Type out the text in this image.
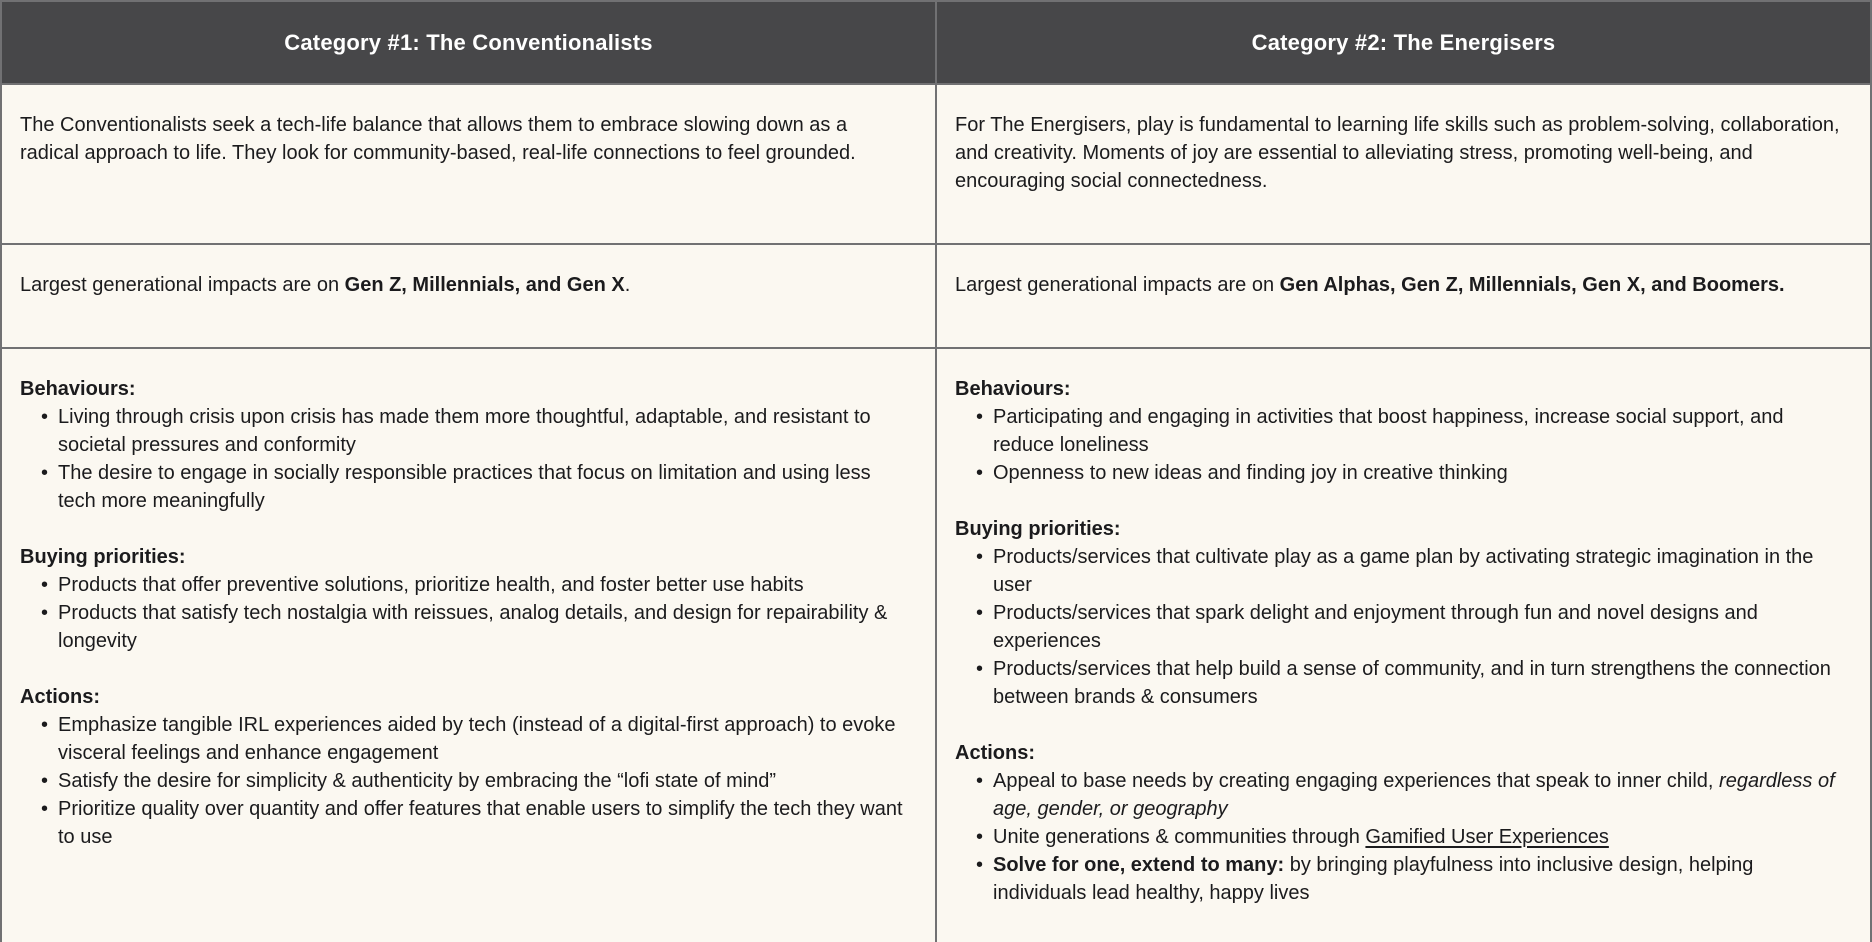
Category #1: The Conventionalists	Category #2: The Energisers

The Conventionalists seek a tech-life balance that allows them to embrace slowing down as a radical approach to life. They look for community-based, real-life connections to feel grounded.

For The Energisers, play is fundamental to learning life skills such as problem-solving, collaboration, and creativity. Moments of joy are essential to alleviating stress, promoting well-being, and encouraging social connectedness.

Largest generational impacts are on Gen Z, Millennials, and Gen X.	Largest generational impacts are on Gen Alphas, Gen Z, Millennials, Gen X, and Boomers.

Behaviours:
• Living through crisis upon crisis has made them more thoughtful, adaptable, and resistant to societal pressures and conformity
• The desire to engage in socially responsible practices that focus on limitation and using less tech more meaningfully
Buying priorities:
• Products that offer preventive solutions, prioritize health, and foster better use habits
• Products that satisfy tech nostalgia with reissues, analog details, and design for repairability & longevity
Actions:
• Emphasize tangible IRL experiences aided by tech (instead of a digital-first approach) to evoke visceral feelings and enhance engagement
• Satisfy the desire for simplicity & authenticity by embracing the “lofi state of mind”
• Prioritize quality over quantity and offer features that enable users to simplify the tech they want to use
Behaviours:
• Participating and engaging in activities that boost happiness, increase social support, and reduce loneliness
• Openness to new ideas and finding joy in creative thinking
Buying priorities:
• Products/services that cultivate play as a game plan by activating strategic imagination in the user
• Products/services that spark delight and enjoyment through fun and novel designs and experiences
• Products/services that help build a sense of community, and in turn strengthens the connection between brands & consumers
Actions:
• Appeal to base needs by creating engaging experiences that speak to inner child, regardless of age, gender, or geography
• Unite generations & communities through Gamified User Experiences
• Solve for one, extend to many: by bringing playfulness into inclusive design, helping individuals lead healthy, happy lives
